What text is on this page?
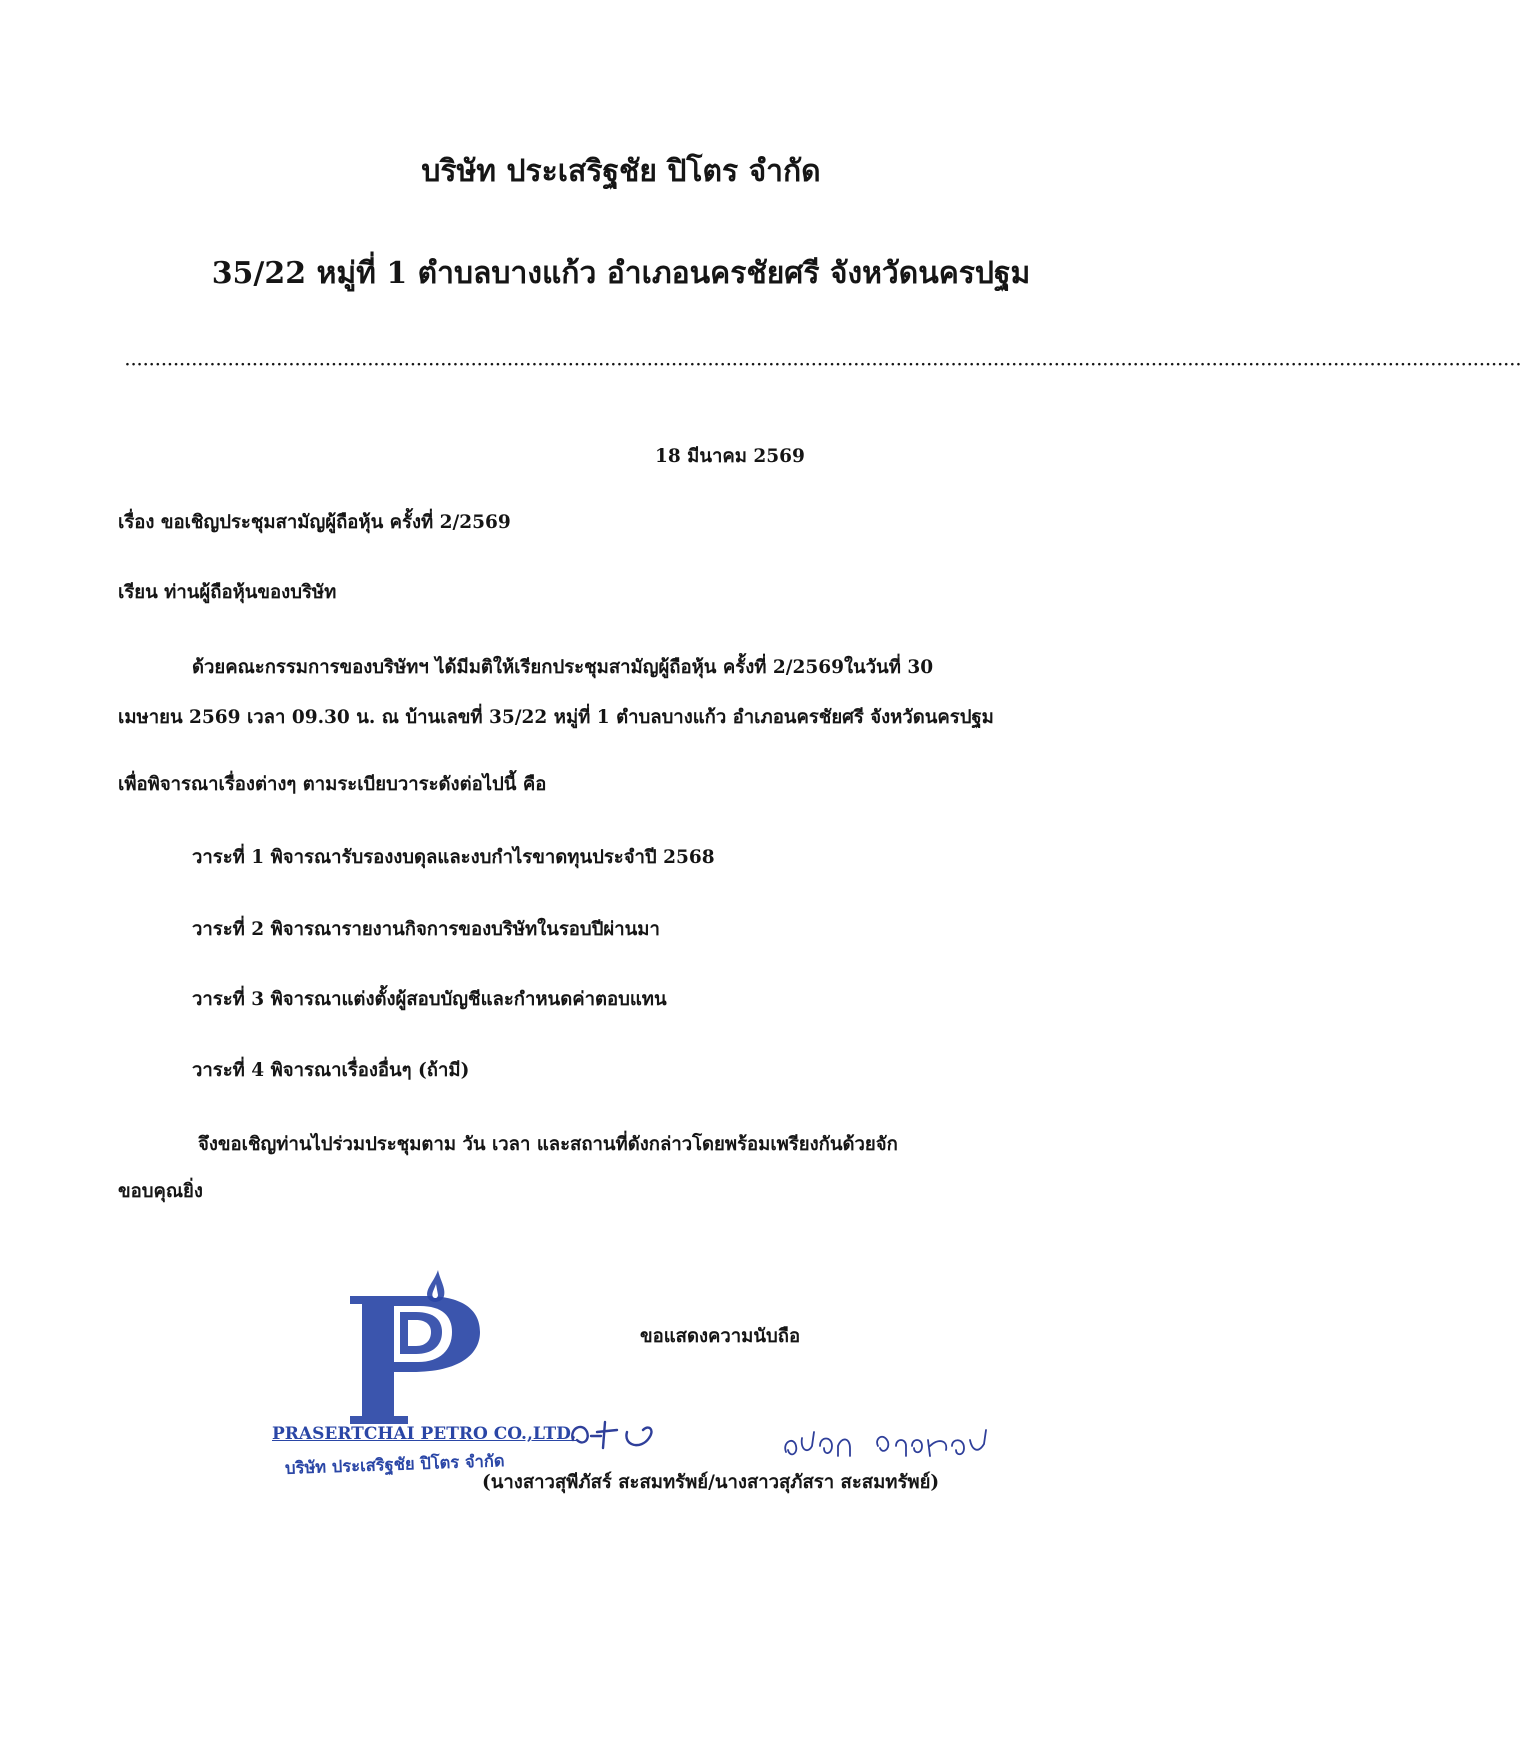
บริษัท ประเสริฐชัย ปิโตร จำกัด
35/22 หมู่ที่ 1 ตำบลบางแก้ว อำเภอนครชัยศรี จังหวัดนครปฐม
······································································································································································································································
18 มีนาคม 2569
เรื่อง ขอเชิญประชุมสามัญผู้ถือหุ้น ครั้งที่ 2/2569
เรียน ท่านผู้ถือหุ้นของบริษัท
ด้วยคณะกรรมการของบริษัทฯ ได้มีมติให้เรียกประชุมสามัญผู้ถือหุ้น ครั้งที่ 2/2569ในวันที่ 30
เมษายน 2569 เวลา 09.30 น. ณ บ้านเลขที่ 35/22 หมู่ที่ 1 ตำบลบางแก้ว อำเภอนครชัยศรี จังหวัดนครปฐม
เพื่อพิจารณาเรื่องต่างๆ ตามระเบียบวาระดังต่อไปนี้ คือ
วาระที่ 1 พิจารณารับรองงบดุลและงบกำไรขาดทุนประจำปี 2568
วาระที่ 2 พิจารณารายงานกิจการของบริษัทในรอบปีผ่านมา
วาระที่ 3 พิจารณาแต่งตั้งผู้สอบบัญชีและกำหนดค่าตอบแทน
วาระที่ 4 พิจารณาเรื่องอื่นๆ (ถ้ามี)
จึงขอเชิญท่านไปร่วมประชุมตาม วัน เวลา และสถานที่ดังกล่าวโดยพร้อมเพรียงกันด้วยจัก
ขอบคุณยิ่ง
ขอแสดงความนับถือ
PRASERTCHAI PETRO CO.,LTD.
บริษัท ประเสริฐชัย ปิโตร จำกัด
(นางสาวสุพีภัสร์ สะสมทรัพย์/นางสาวสุภัสรา สะสมทรัพย์)
